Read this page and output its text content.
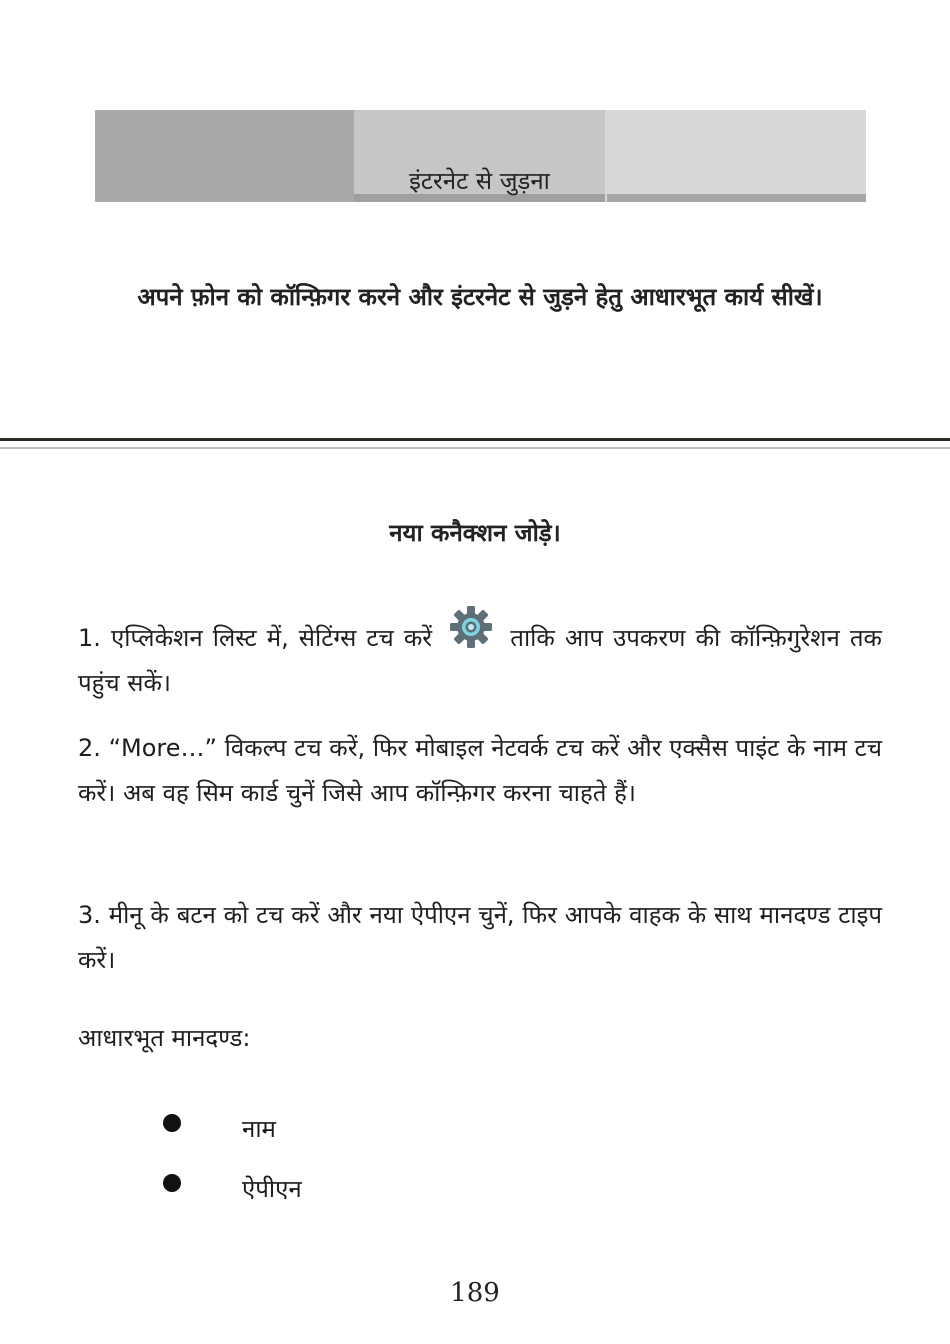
इंटरनेट से जुड़ना
अपने फ़ोन को कॉन्फ़िगर करने और इंटरनेट से जुड़ने हेतु आधारभूत कार्य सीखें।
नया कनैक्शन जोड़े।
1. एप्लिकेशन लिस्ट में, सेटिंग्स टच करें	ताकि आप उपकरण की कॉन्फ़िगुरेशन तक पहुंच सकें।
2. “More…” विकल्प टच करें, फिर मोबाइल नेटवर्क टच करें और एक्सैस पाइंट के नाम टच करें। अब वह सिम कार्ड चुनें जिसे आप कॉन्फ़िगर करना चाहते हैं।
3. मीनू के बटन को टच करें और नया ऐपीएन चुनें, फिर आपके वाहक के साथ मानदण्ड टाइप करें।
आधारभूत मानदण्ड:
नाम
ऐपीएन
189
